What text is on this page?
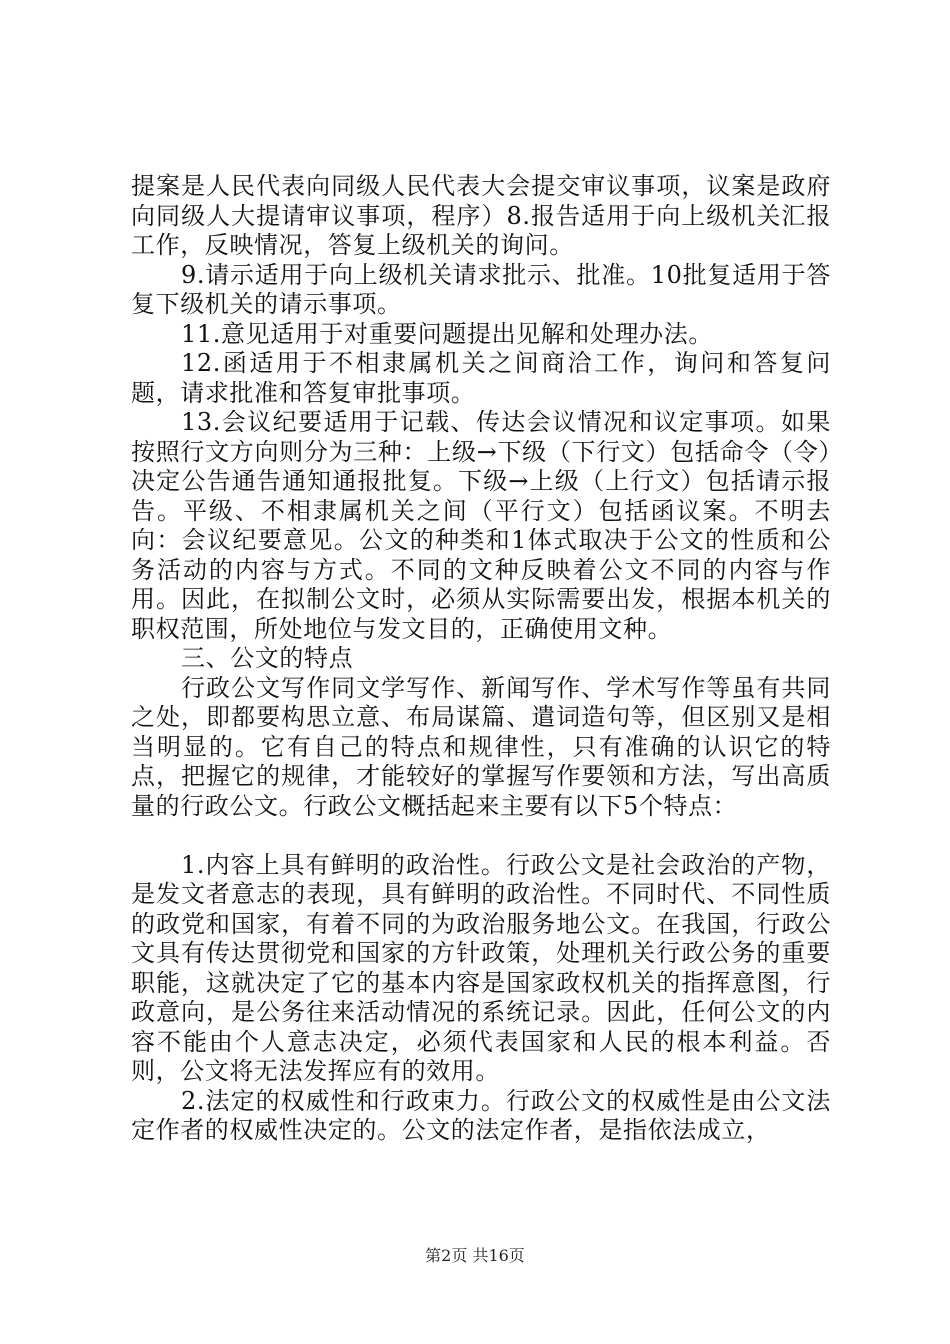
提案是人民代表向同级人民代表大会提交审议事项，议案是政府向同级人大提请审议事项，程序）8.报告适用于向上级机关汇报工作，反映情况，答复上级机关的询问。

9.请示适用于向上级机关请求批示、批准。10批复适用于答复下级机关的请示事项。

11.意见适用于对重要问题提出见解和处理办法。

12.函适用于不相隶属机关之间商洽工作，询问和答复问题，请求批准和答复审批事项。

13.会议纪要适用于记载、传达会议情况和议定事项。如果按照行文方向则分为三种：上级→下级（下行文）包括命令（令）决定公告通告通知通报批复。下级→上级（上行文）包括请示报告。平级、不相隶属机关之间（平行文）包括函议案。不明去向：会议纪要意见。公文的种类和1体式取决于公文的性质和公务活动的内容与方式。不同的文种反映着公文不同的内容与作用。因此，在拟制公文时，必须从实际需要出发，根据本机关的职权范围，所处地位与发文目的，正确使用文种。

三、公文的特点

行政公文写作同文学写作、新闻写作、学术写作等虽有共同之处，即都要构思立意、布局谋篇、遣词造句等，但区别又是相当明显的。它有自己的特点和规律性，只有准确的认识它的特点，把握它的规律，才能较好的掌握写作要领和方法，写出高质量的行政公文。行政公文概括起来主要有以下5个特点：

1.内容上具有鲜明的政治性。行政公文是社会政治的产物，是发文者意志的表现，具有鲜明的政治性。不同时代、不同性质的政党和国家，有着不同的为政治服务地公文。在我国，行政公文具有传达贯彻党和国家的方针政策，处理机关行政公务的重要职能，这就决定了它的基本内容是国家政权机关的指挥意图，行政意向，是公务往来活动情况的系统记录。因此，任何公文的内容不能由个人意志决定，必须代表国家和人民的根本利益。否则，公文将无法发挥应有的效用。

2.法定的权威性和行政束力。行政公文的权威性是由公文法定作者的权威性决定的。公文的法定作者，是指依法成立，

第2页 共16页
